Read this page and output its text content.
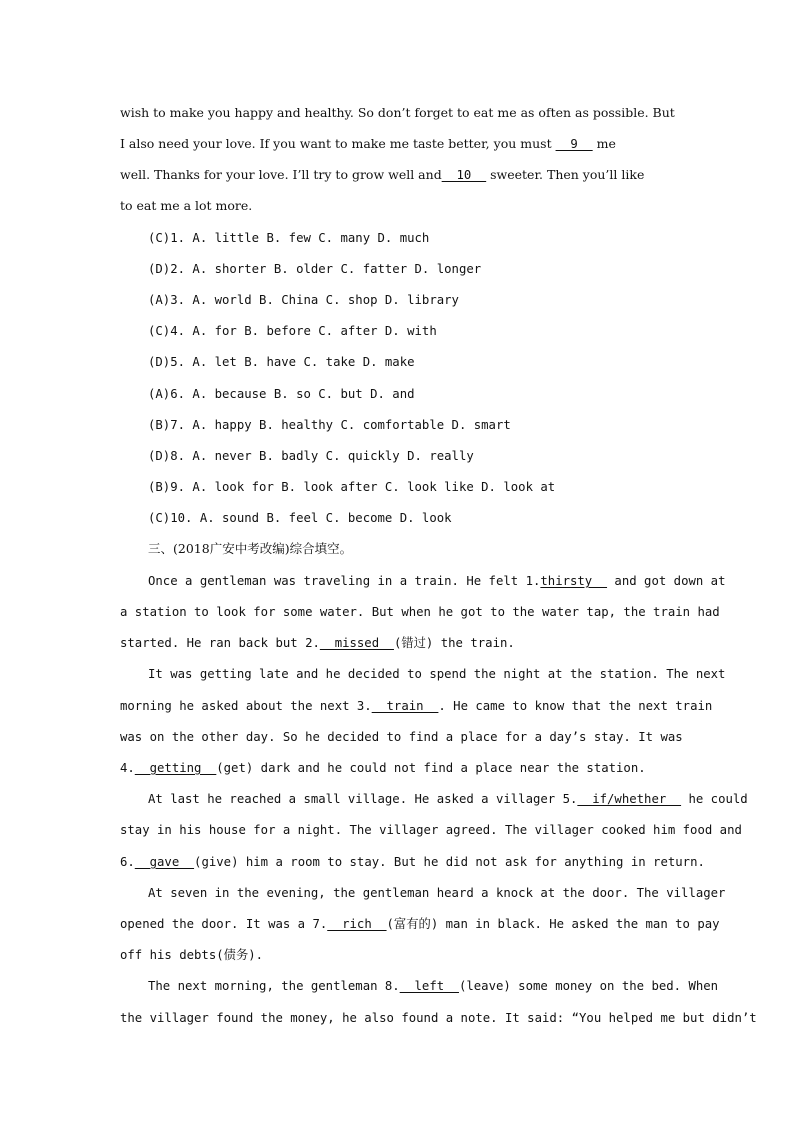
wish to make you happy and healthy. So don’t forget to eat me as often as possible. But
I also need your love. If you want to make me taste better, you must __9__ me
well. Thanks for your love. I’ll try to grow well and__10__ sweeter. Then you’ll like
to eat me a lot more.
(C)1. A. little B. few C. many D. much
(D)2. A. shorter B. older C. fatter D. longer
(A)3. A. world B. China C. shop D. library
(C)4. A. for B. before C. after D. with
(D)5. A. let B. have C. take D. make
(A)6. A. because B. so C. but D. and
(B)7. A. happy B. healthy C. comfortable D. smart
(D)8. A. never B. badly C. quickly D. really
(B)9. A. look for B. look after C. look like D. look at
(C)10. A. sound B. feel C. become D. look
三、(2018广安中考改编)综合填空。
Once a gentleman was traveling in a train. He felt 1.thirsty__ and got down at
a station to look for some water. But when he got to the water tap, the train had
started. He ran back but 2.__missed__(错过) the train.
It was getting late and he decided to spend the night at the station. The next
morning he asked about the next 3.__train__. He came to know that the next train
was on the other day. So he decided to find a place for a day’s stay. It was
4.__getting__(get) dark and he could not find a place near the station.
At last he reached a small village. He asked a villager 5.__if/whether__ he could
stay in his house for a night. The villager agreed. The villager cooked him food and
6.__gave__(give) him a room to stay. But he did not ask for anything in return.
At seven in the evening, the gentleman heard a knock at the door. The villager
opened the door. It was a 7.__rich__(富有的) man in black. He asked the man to pay
off his debts(债务).
The next morning, the gentleman 8.__left__(leave) some money on the bed. When
the villager found the money, he also found a note. It said: “You helped me but didn’t
